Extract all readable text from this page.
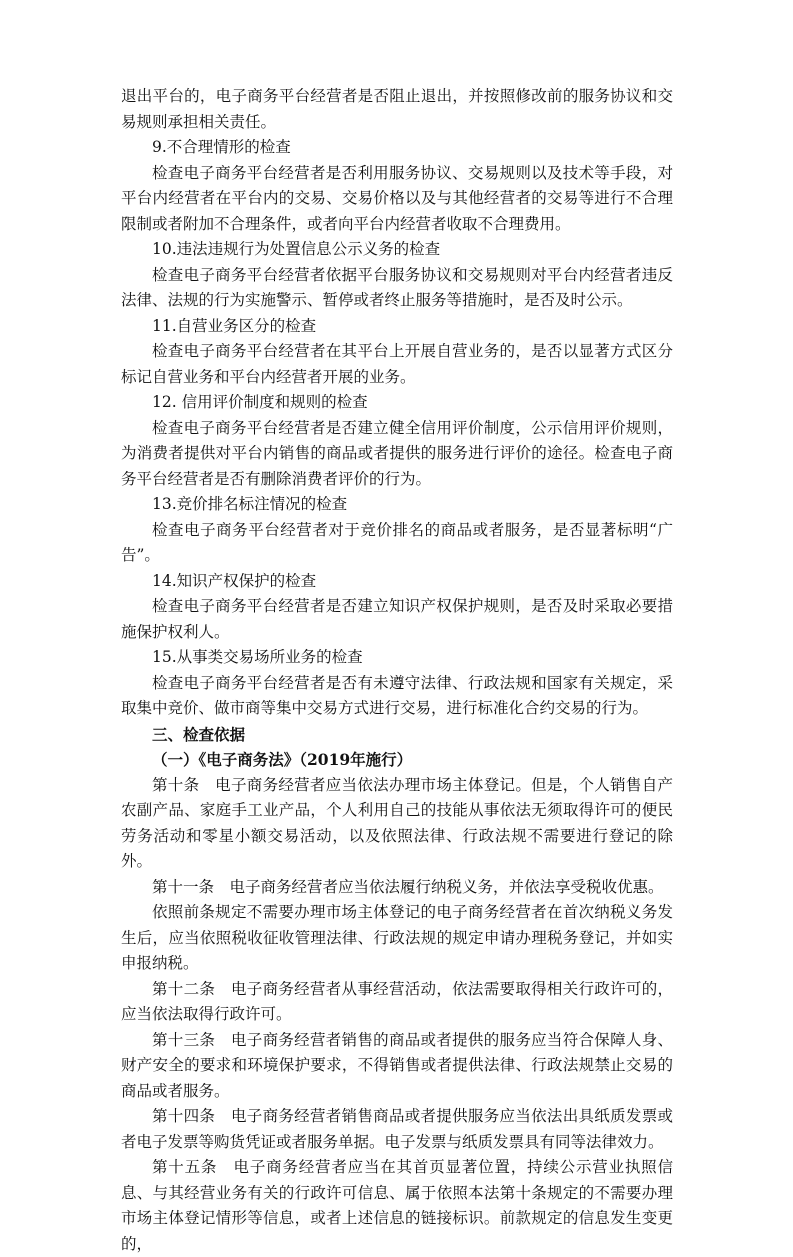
退出平台的，电子商务平台经营者是否阻止退出，并按照修改前的服务协议和交易规则承担相关责任。

9.不合理情形的检查

检查电子商务平台经营者是否利用服务协议、交易规则以及技术等手段，对平台内经营者在平台内的交易、交易价格以及与其他经营者的交易等进行不合理限制或者附加不合理条件，或者向平台内经营者收取不合理费用。

10.违法违规行为处置信息公示义务的检查

检查电子商务平台经营者依据平台服务协议和交易规则对平台内经营者违反法律、法规的行为实施警示、暂停或者终止服务等措施时，是否及时公示。

11.自营业务区分的检查

检查电子商务平台经营者在其平台上开展自营业务的，是否以显著方式区分标记自营业务和平台内经营者开展的业务。

12. 信用评价制度和规则的检查

检查电子商务平台经营者是否建立健全信用评价制度，公示信用评价规则，为消费者提供对平台内销售的商品或者提供的服务进行评价的途径。检查电子商务平台经营者是否有删除消费者评价的行为。

13.竞价排名标注情况的检查

检查电子商务平台经营者对于竞价排名的商品或者服务，是否显著标明“广告”。

14.知识产权保护的检查

检查电子商务平台经营者是否建立知识产权保护规则，是否及时采取必要措施保护权利人。

15.从事类交易场所业务的检查

检查电子商务平台经营者是否有未遵守法律、行政法规和国家有关规定，采取集中竞价、做市商等集中交易方式进行交易，进行标准化合约交易的行为。

三、检查依据

（一）《电子商务法》（2019年施行）

第十条　电子商务经营者应当依法办理市场主体登记。但是，个人销售自产农副产品、家庭手工业产品，个人利用自己的技能从事依法无须取得许可的便民劳务活动和零星小额交易活动，以及依照法律、行政法规不需要进行登记的除外。

第十一条　电子商务经营者应当依法履行纳税义务，并依法享受税收优惠。

依照前条规定不需要办理市场主体登记的电子商务经营者在首次纳税义务发生后，应当依照税收征收管理法律、行政法规的规定申请办理税务登记，并如实申报纳税。

第十二条　电子商务经营者从事经营活动，依法需要取得相关行政许可的，应当依法取得行政许可。

第十三条　电子商务经营者销售的商品或者提供的服务应当符合保障人身、财产安全的要求和环境保护要求，不得销售或者提供法律、行政法规禁止交易的商品或者服务。

第十四条　电子商务经营者销售商品或者提供服务应当依法出具纸质发票或者电子发票等购货凭证或者服务单据。电子发票与纸质发票具有同等法律效力。

第十五条　电子商务经营者应当在其首页显著位置，持续公示营业执照信息、与其经营业务有关的行政许可信息、属于依照本法第十条规定的不需要办理市场主体登记情形等信息，或者上述信息的链接标识。前款规定的信息发生变更的，
